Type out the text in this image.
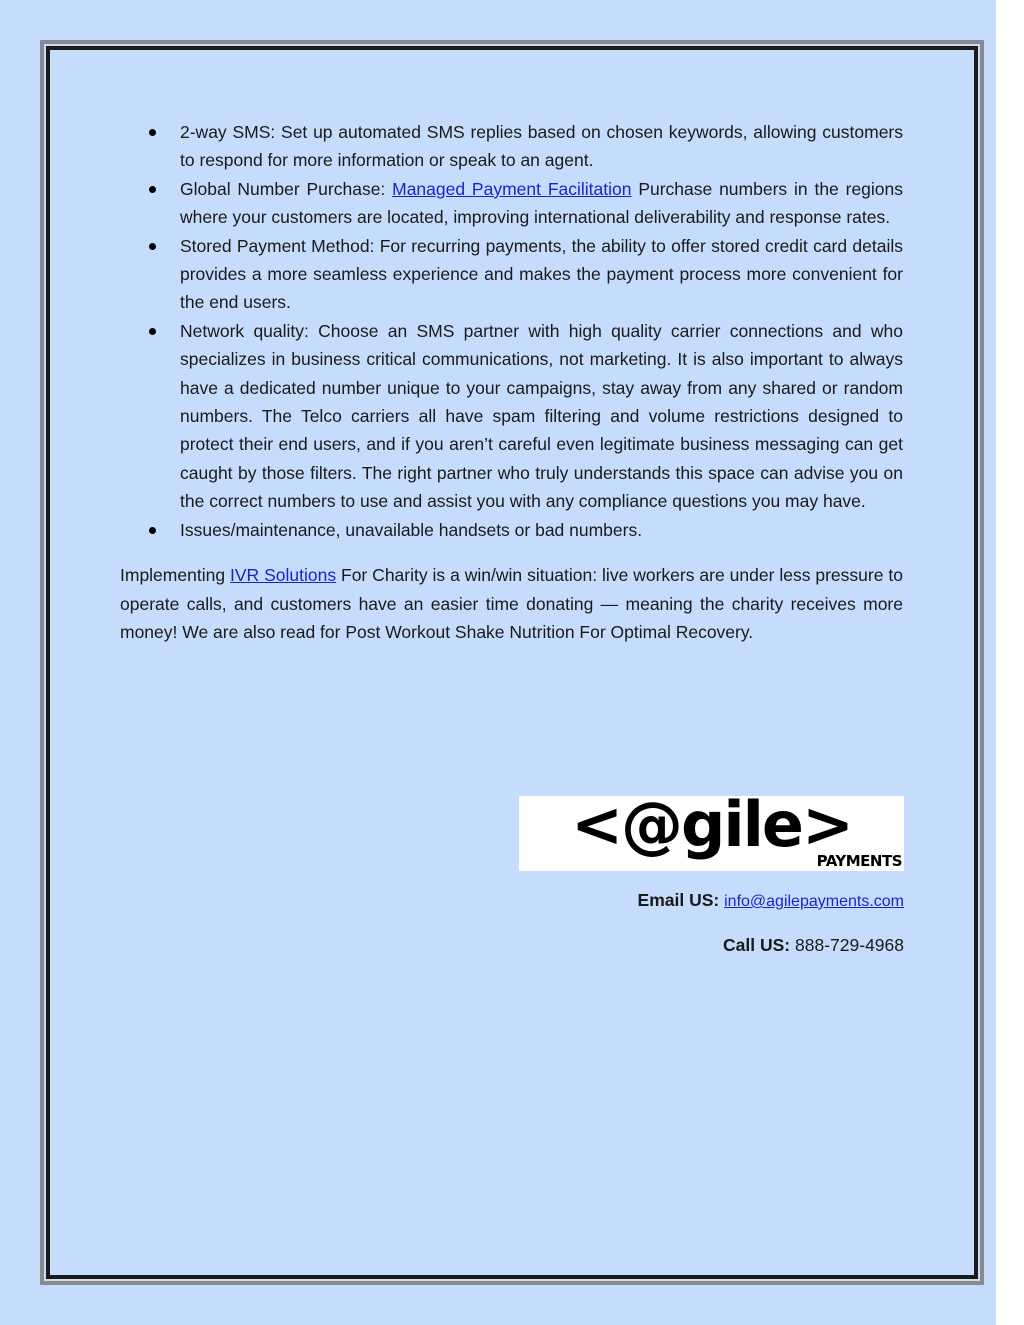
2-way SMS: Set up automated SMS replies based on chosen keywords, allowing customers to respond for more information or speak to an agent.
Global Number Purchase: Managed Payment Facilitation Purchase numbers in the regions where your customers are located, improving international deliverability and response rates.
Stored Payment Method: For recurring payments, the ability to offer stored credit card details provides a more seamless experience and makes the payment process more convenient for the end users.
Network quality: Choose an SMS partner with high quality carrier connections and who specializes in business critical communications, not marketing. It is also important to always have a dedicated number unique to your campaigns, stay away from any shared or random numbers. The Telco carriers all have spam filtering and volume restrictions designed to protect their end users, and if you aren’t careful even legitimate business messaging can get caught by those filters. The right partner who truly understands this space can advise you on the correct numbers to use and assist you with any compliance questions you may have.
Issues/maintenance, unavailable handsets or bad numbers.

Implementing IVR Solutions For Charity is a win/win situation: live workers are under less pressure to operate calls, and customers have an easier time donating — meaning the charity receives more money! We are also read for Post Workout Shake Nutrition For Optimal Recovery.

<@gile>
PAYMENTS
Email US: info@agilepayments.com
Call US: 888-729-4968
